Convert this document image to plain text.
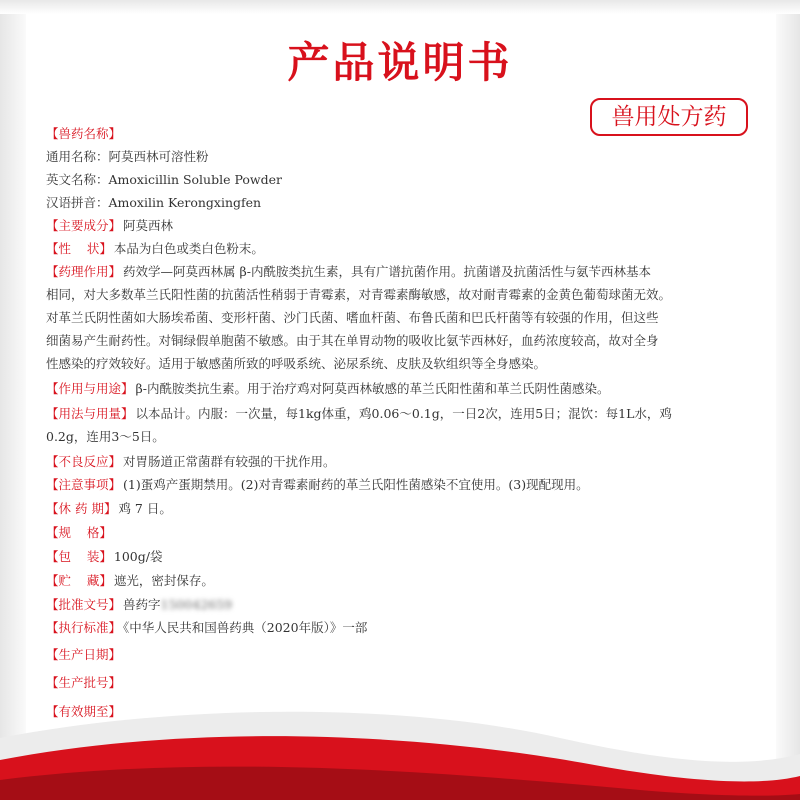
产品说明书
兽用处方药
【兽药名称】
通用名称：阿莫西林可溶性粉
英文名称：Amoxicillin Soluble Powder
汉语拼音：Amoxilin Kerongxingfen
【主要成分】 阿莫西林
【性    状】 本品为白色或类白色粉末。
【药理作用】 药效学—阿莫西林属 β-内酰胺类抗生素，具有广谱抗菌作用。抗菌谱及抗菌活性与氨苄西林基本
相同，对大多数革兰氏阳性菌的抗菌活性稍弱于青霉素，对青霉素酶敏感，故对耐青霉素的金黄色葡萄球菌无效。
对革兰氏阴性菌如大肠埃希菌、变形杆菌、沙门氏菌、嗜血杆菌、布鲁氏菌和巴氏杆菌等有较强的作用，但这些
细菌易产生耐药性。对铜绿假单胞菌不敏感。由于其在单胃动物的吸收比氨苄西林好，血药浓度较高，故对全身
性感染的疗效较好。适用于敏感菌所致的呼吸系统、泌尿系统、皮肤及软组织等全身感染。
【作用与用途】 β-内酰胺类抗生素。用于治疗鸡对阿莫西林敏感的革兰氏阳性菌和革兰氏阴性菌感染。
【用法与用量】 以本品计。内服：一次量，每1kg体重，鸡0.06～0.1g，一日2次，连用5日；混饮：每1L水，鸡
0.2g，连用3～5日。
【不良反应】 对胃肠道正常菌群有较强的干扰作用。
【注意事项】 (1)蛋鸡产蛋期禁用。(2)对青霉素耐药的革兰氏阳性菌感染不宜使用。(3)现配现用。
【休 药 期】 鸡 7 日。
【规    格】
【包    装】 100g/袋
【贮    藏】 遮光，密封保存。
【批准文号】 兽药字150042659
【执行标准】 《中华人民共和国兽药典（2020年版）》一部
【生产日期】
【生产批号】
【有效期至】
